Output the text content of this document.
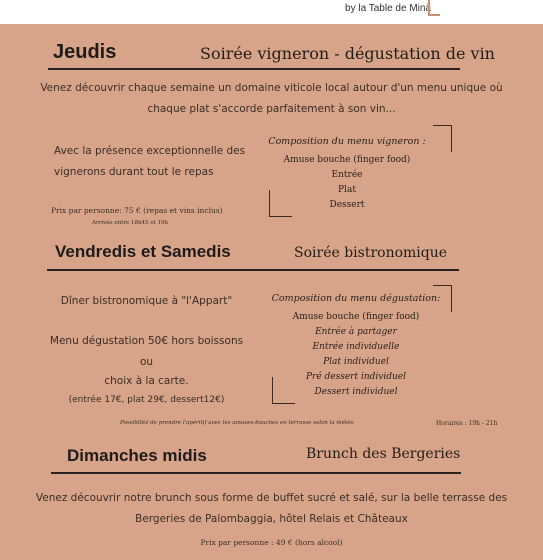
by la Table de Minà
Jeudis	Soirée vigneron - dégustation de vin
Venez découvrir chaque semaine un domaine viticole local autour d'un menu unique où
chaque plat s'accorde parfaitement à son vin...
Avec la présence exceptionnelle des
vignerons durant tout le repas
Prix par personne: 75 € (repas et vins inclus)
Arrivée entre 18h45 et 19h
Composition du menu vigneron :
Amuse bouche (finger food)
Entrée
Plat
Dessert
Vendredis et Samedis	Soirée bistronomique
Dîner bistronomique à "l'Appart"
Menu dégustation 50€ hors boissons
ou
choix à la carte.
(entrée 17€, plat 29€, dessert12€)
Composition du menu dégustation:
Amuse bouche (finger food)
Entrée à partager
Entrée individuelle
Plat individuel
Pré dessert individuel
Dessert individuel
Possibilité de prendre l'apéritif avec les amuses-bouches en terrasse selon la météo	Horaires : 19h - 21h
Dimanches midis	Brunch des Bergeries
Venez découvrir notre brunch sous forme de buffet sucré et salé, sur la belle terrasse des
Bergeries de Palombaggia, hôtel Relais et Châteaux
Prix par personne : 49 € (hors alcool)
